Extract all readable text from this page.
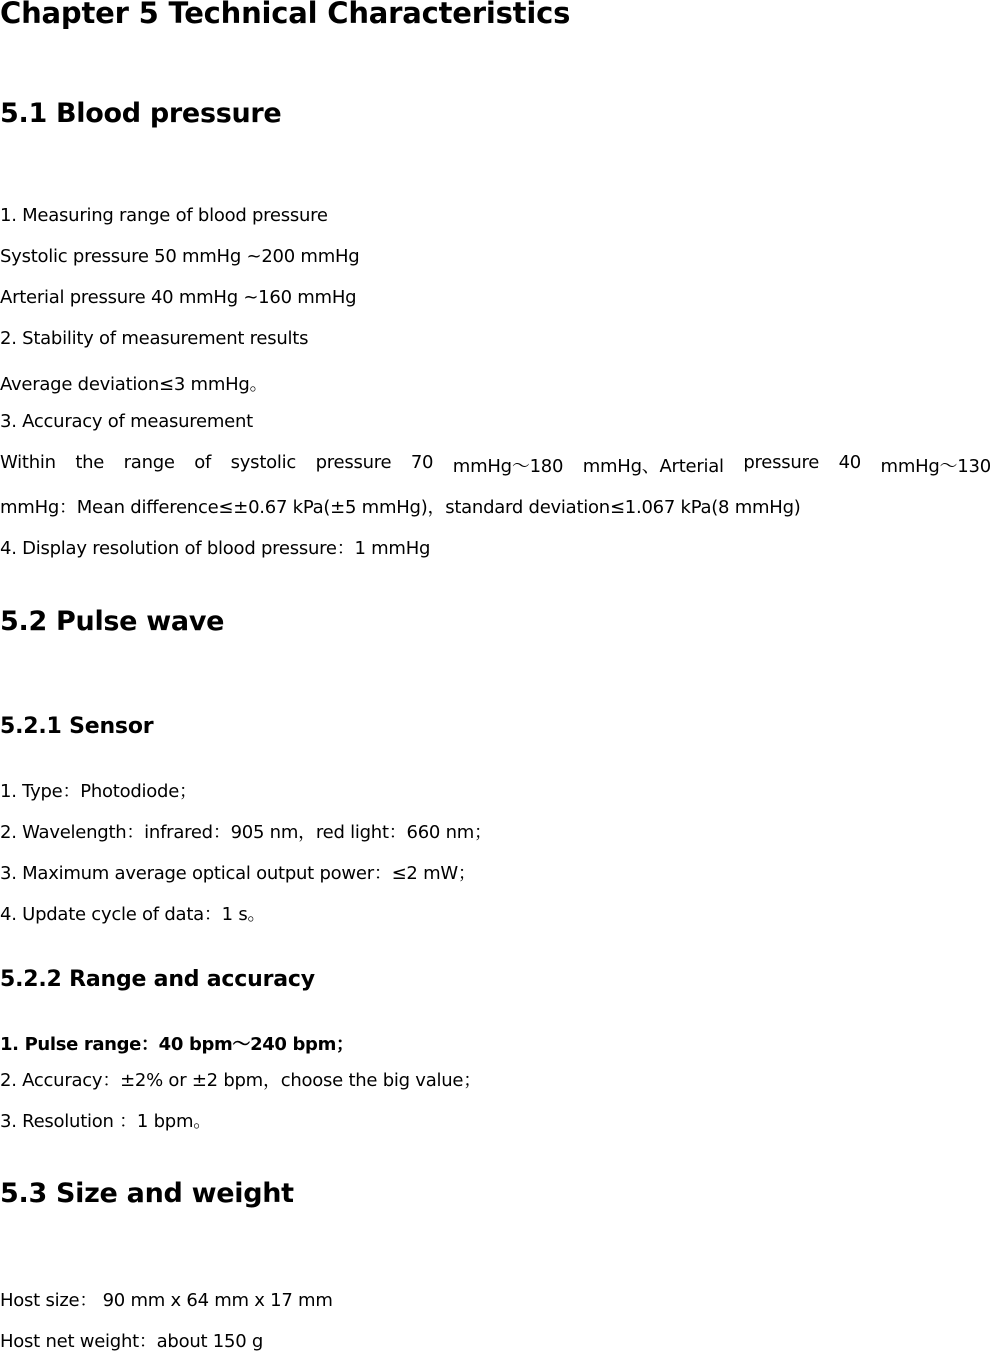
Chapter 5 Technical Characteristics
5.1 Blood pressure

1. Measuring range of blood pressure

Systolic pressure 50 mmHg ~200 mmHg

Arterial pressure 40 mmHg ~160 mmHg

2. Stability of measurement results

Average deviation≤3 mmHg。

3. Accuracy of measurement

Within the range of systolic pressure 70 mmHg～180 mmHg、Arterial pressure 40 mmHg～130

mmHg：Mean difference≤±0.67 kPa(±5 mmHg)，standard deviation≤1.067 kPa(8 mmHg)

4. Display resolution of blood pressure：1 mmHg

5.2 Pulse wave
5.2.1 Sensor

1. Type：Photodiode；

2. Wavelength：infrared：905 nm，red light：660 nm；

3. Maximum average optical output power：≤2 mW；

4. Update cycle of data：1 s。

5.2.2 Range and accuracy

1. Pulse range：40 bpm～240 bpm；

2. Accuracy：±2% or ±2 bpm，choose the big value；

3. Resolution ：1 bpm。

5.3 Size and weight

Host size： 90 mm x 64 mm x 17 mm

Host net weight：about 150 g
